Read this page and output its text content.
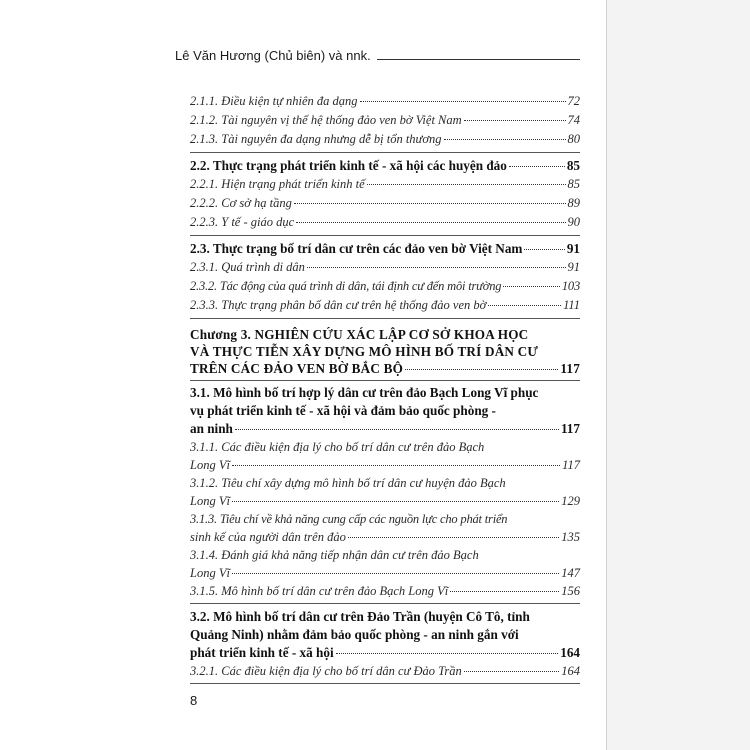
Lê Văn Hương (Chủ biên) và nnk.
2.1.1. Điều kiện tự nhiên đa dạng	72
2.1.2. Tài nguyên vị thế hệ thống đảo ven bờ Việt Nam	74
2.1.3. Tài nguyên đa dạng nhưng dễ bị tổn thương	80
2.2. Thực trạng phát triển kinh tế - xã hội các huyện đảo	85
2.2.1. Hiện trạng phát triển kinh tế	85
2.2.2. Cơ sở hạ tầng	89
2.2.3. Y tế - giáo dục	90
2.3. Thực trạng bố trí dân cư trên các đảo ven bờ Việt Nam	91
2.3.1. Quá trình di dân	91
2.3.2. Tác động của quá trình di dân, tái định cư đến môi trường	103
2.3.3. Thực trạng phân bố dân cư trên hệ thống đảo ven bờ	111
Chương 3. NGHIÊN CỨU XÁC LẬP CƠ SỞ KHOA HỌC
VÀ THỰC TIỄN XÂY DỰNG MÔ HÌNH BỐ TRÍ DÂN CƯ
TRÊN CÁC ĐẢO VEN BỜ BẮC BỘ	117
3.1. Mô hình bố trí hợp lý dân cư trên đảo Bạch Long Vĩ phục
vụ phát triển kinh tế - xã hội và đảm bảo quốc phòng -
an ninh	117
3.1.1. Các điều kiện địa lý cho bố trí dân cư trên đảo Bạch
Long Vĩ	117
3.1.2. Tiêu chí xây dựng mô hình bố trí dân cư huyện đảo Bạch
Long Vĩ	129
3.1.3. Tiêu chí về khả năng cung cấp các nguồn lực cho phát triển
sinh kế của người dân trên đảo	135
3.1.4. Đánh giá khả năng tiếp nhận dân cư trên đảo Bạch
Long Vĩ	147
3.1.5. Mô hình bố trí dân cư trên đảo Bạch Long Vĩ	156
3.2. Mô hình bố trí dân cư trên Đảo Trần (huyện Cô Tô, tỉnh
Quảng Ninh) nhằm đảm bảo quốc phòng - an ninh gắn với
phát triển kinh tế - xã hội	164
3.2.1. Các điều kiện địa lý cho bố trí dân cư Đảo Trần	164
8
